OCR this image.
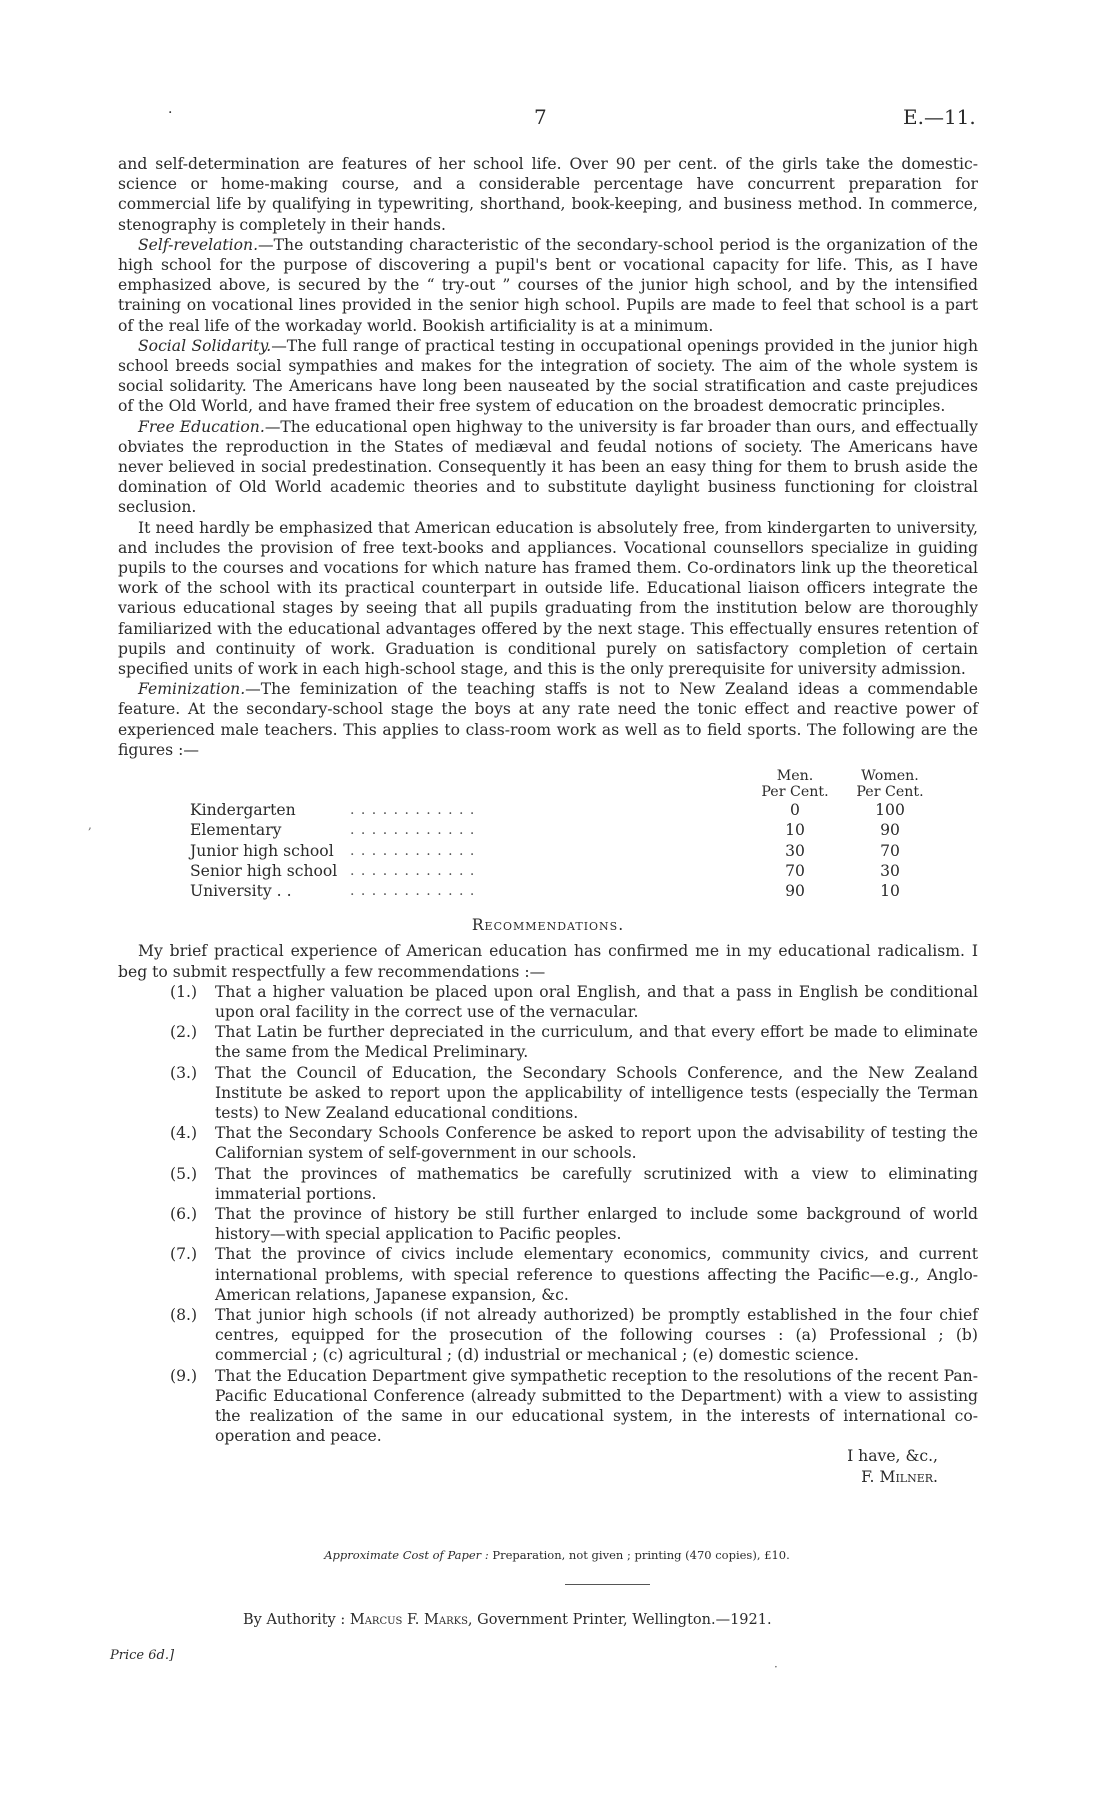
·	7	E.—11.

and self-determination are features of her school life. Over 90 per cent. of the girls take the domestic-science or home-making course, and a considerable percentage have concurrent preparation for commercial life by qualifying in typewriting, shorthand, book-keeping, and business method. In commerce, stenography is completely in their hands.

Self-revelation.—The outstanding characteristic of the secondary-school period is the organization of the high school for the purpose of discovering a pupil's bent or vocational capacity for life. This, as I have emphasized above, is secured by the “ try-out ” courses of the junior high school, and by the intensified training on vocational lines provided in the senior high school. Pupils are made to feel that school is a part of the real life of the workaday world. Bookish artificiality is at a minimum.

Social Solidarity.—The full range of practical testing in occupational openings provided in the junior high school breeds social sympathies and makes for the integration of society. The aim of the whole system is social solidarity. The Americans have long been nauseated by the social stratification and caste prejudices of the Old World, and have framed their free system of education on the broadest democratic principles.

Free Education.—The educational open highway to the university is far broader than ours, and effectually obviates the reproduction in the States of mediæval and feudal notions of society. The Americans have never believed in social predestination. Consequently it has been an easy thing for them to brush aside the domination of Old World academic theories and to substitute daylight business functioning for cloistral seclusion.

It need hardly be emphasized that American education is absolutely free, from kindergarten to university, and includes the provision of free text-books and appliances. Vocational counsellors specialize in guiding pupils to the courses and vocations for which nature has framed them. Co-ordinators link up the theoretical work of the school with its practical counterpart in outside life. Educational liaison officers integrate the various educational stages by seeing that all pupils graduating from the institution below are thoroughly familiarized with the educational advantages offered by the next stage. This effectually ensures retention of pupils and continuity of work. Graduation is conditional purely on satisfactory completion of certain specified units of work in each high-school stage, and this is the only prerequisite for university admission.

Feminization.—The feminization of the teaching staffs is not to New Zealand ideas a commendable feature. At the secondary-school stage the boys at any rate need the tonic effect and reactive power of experienced male teachers. This applies to class-room work as well as to field sports. The following are the figures :—

		Men.	Women.
		Per Cent.	Per Cent.
Kindergarten	. . . . . . . . . . . .	0	100
Elementary	. . . . . . . . . . . .	10	90
Junior high school	. . . . . . . . . . . .	30	70
Senior high school	. . . . . . . . . . . .	70	30
University . .	. . . . . . . . . . . .	90	10

Recommendations.

My brief practical experience of American education has confirmed me in my educational radicalism. I beg to submit respectfully a few recommendations :—

(1.) That a higher valuation be placed upon oral English, and that a pass in English be conditional upon oral facility in the correct use of the vernacular.

(2.) That Latin be further depreciated in the curriculum, and that every effort be made to eliminate the same from the Medical Preliminary.

(3.) That the Council of Education, the Secondary Schools Conference, and the New Zealand Institute be asked to report upon the applicability of intelligence tests (especially the Terman tests) to New Zealand educational conditions.

(4.) That the Secondary Schools Conference be asked to report upon the advisability of testing the Californian system of self-government in our schools.

(5.) That the provinces of mathematics be carefully scrutinized with a view to eliminating immaterial portions.

(6.) That the province of history be still further enlarged to include some background of world history—with special application to Pacific peoples.

(7.) That the province of civics include elementary economics, community civics, and current international problems, with special reference to questions affecting the Pacific—e.g., Anglo-American relations, Japanese expansion, &c.

(8.) That junior high schools (if not already authorized) be promptly established in the four chief centres, equipped for the prosecution of the following courses : (a) Professional ; (b) commercial ; (c) agricultural ; (d) industrial or mechanical ; (e) domestic science.

(9.) That the Education Department give sympathetic reception to the resolutions of the recent Pan-Pacific Educational Conference (already submitted to the Department) with a view to assisting the realization of the same in our educational system, in the interests of international co-operation and peace.

I have, &c.,

F. Milner.

Approximate Cost of Paper : Preparation, not given ; printing (470 copies), £10.
By Authority : Marcus F. Marks, Government Printer, Wellington.—1921.
Price 6d.]
,
·
